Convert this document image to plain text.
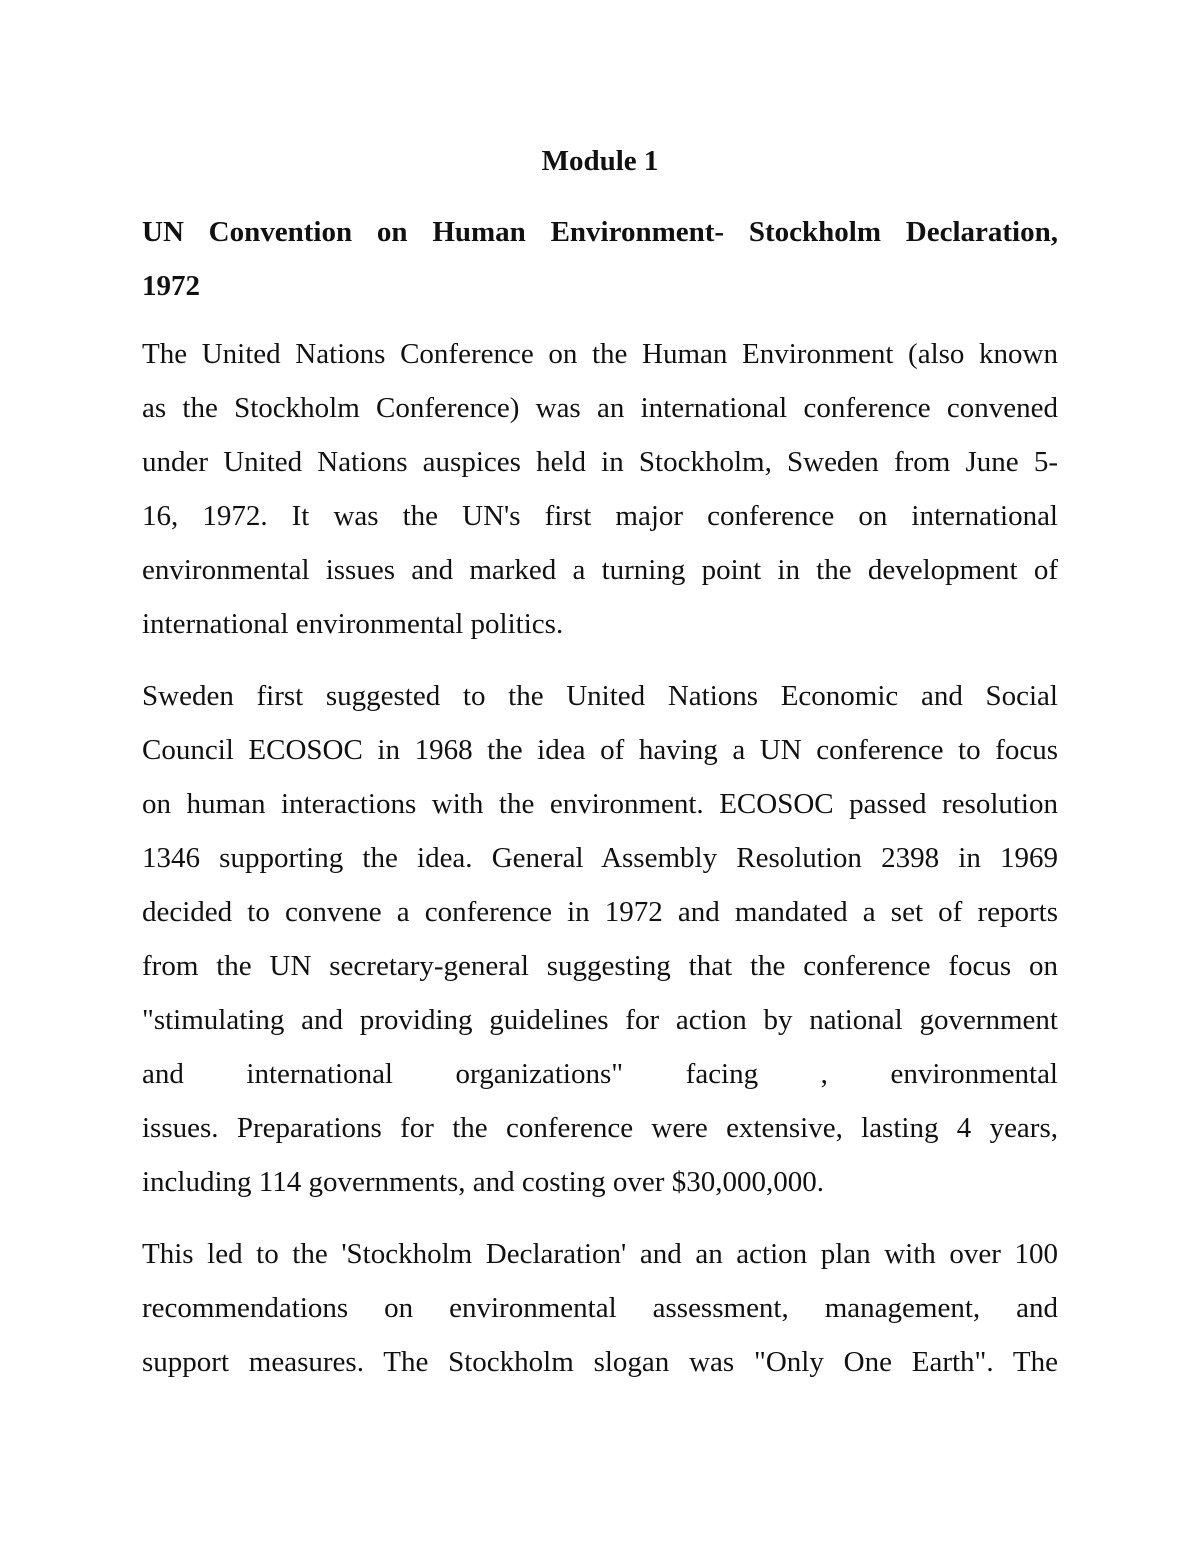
Module 1
UN Convention on Human Environment- Stockholm Declaration,
1972
The United Nations Conference on the Human Environment (also known
as the Stockholm Conference) was an international conference convened
under United Nations auspices held in Stockholm, Sweden from June 5-
16, 1972. It was the UN's first major conference on international
environmental issues and marked a turning point in the development of
international environmental politics.
Sweden first suggested to the United Nations Economic and Social
Council ECOSOC in 1968 the idea of having a UN conference to focus
on human interactions with the environment. ECOSOC passed resolution
1346 supporting the idea. General Assembly Resolution 2398 in 1969
decided to convene a conference in 1972 and mandated a set of reports
from the UN secretary-general suggesting that the conference focus on
"stimulating and providing guidelines for action by national government
and international organizations" facing , environmental
issues. Preparations for the conference were extensive, lasting 4 years,
including 114 governments, and costing over $30,000,000.
This led to the 'Stockholm Declaration' and an action plan with over 100
recommendations on environmental assessment, management, and
support measures. The Stockholm slogan was "Only One Earth". The
